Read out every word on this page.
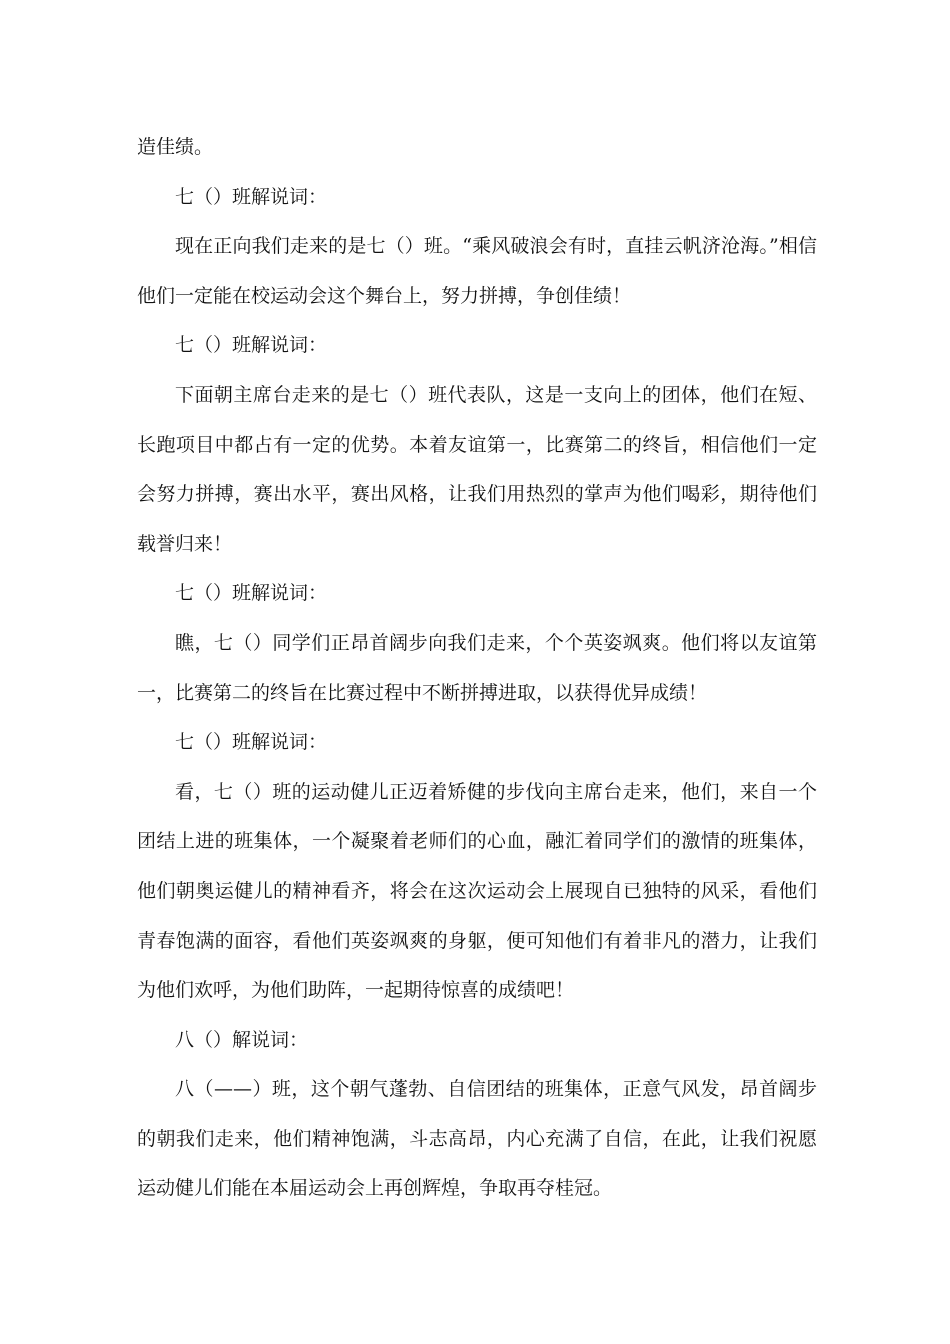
造佳绩。

七（）班解说词：

现在正向我们走来的是七（）班。“乘风破浪会有时，直挂云帆济沧海。”相信他们一定能在校运动会这个舞台上，努力拼搏，争创佳绩！

七（）班解说词：

下面朝主席台走来的是七（）班代表队，这是一支向上的团体，他们在短、长跑项目中都占有一定的优势。本着友谊第一，比赛第二的终旨，相信他们一定会努力拼搏，赛出水平，赛出风格，让我们用热烈的掌声为他们喝彩，期待他们载誉归来！

七（）班解说词：

瞧，七（）同学们正昂首阔步向我们走来，个个英姿飒爽。他们将以友谊第一，比赛第二的终旨在比赛过程中不断拼搏进取，以获得优异成绩！

七（）班解说词：

看，七（）班的运动健儿正迈着矫健的步伐向主席台走来，他们，来自一个团结上进的班集体，一个凝聚着老师们的心血，融汇着同学们的激情的班集体，他们朝奥运健儿的精神看齐，将会在这次运动会上展现自已独特的风采，看他们青春饱满的面容，看他们英姿飒爽的身躯，便可知他们有着非凡的潜力，让我们为他们欢呼，为他们助阵，一起期待惊喜的成绩吧！

八（）解说词：

八（——）班，这个朝气蓬勃、自信团结的班集体，正意气风发，昂首阔步的朝我们走来，他们精神饱满，斗志高昂，内心充满了自信，在此，让我们祝愿运动健儿们能在本届运动会上再创辉煌，争取再夺桂冠。
